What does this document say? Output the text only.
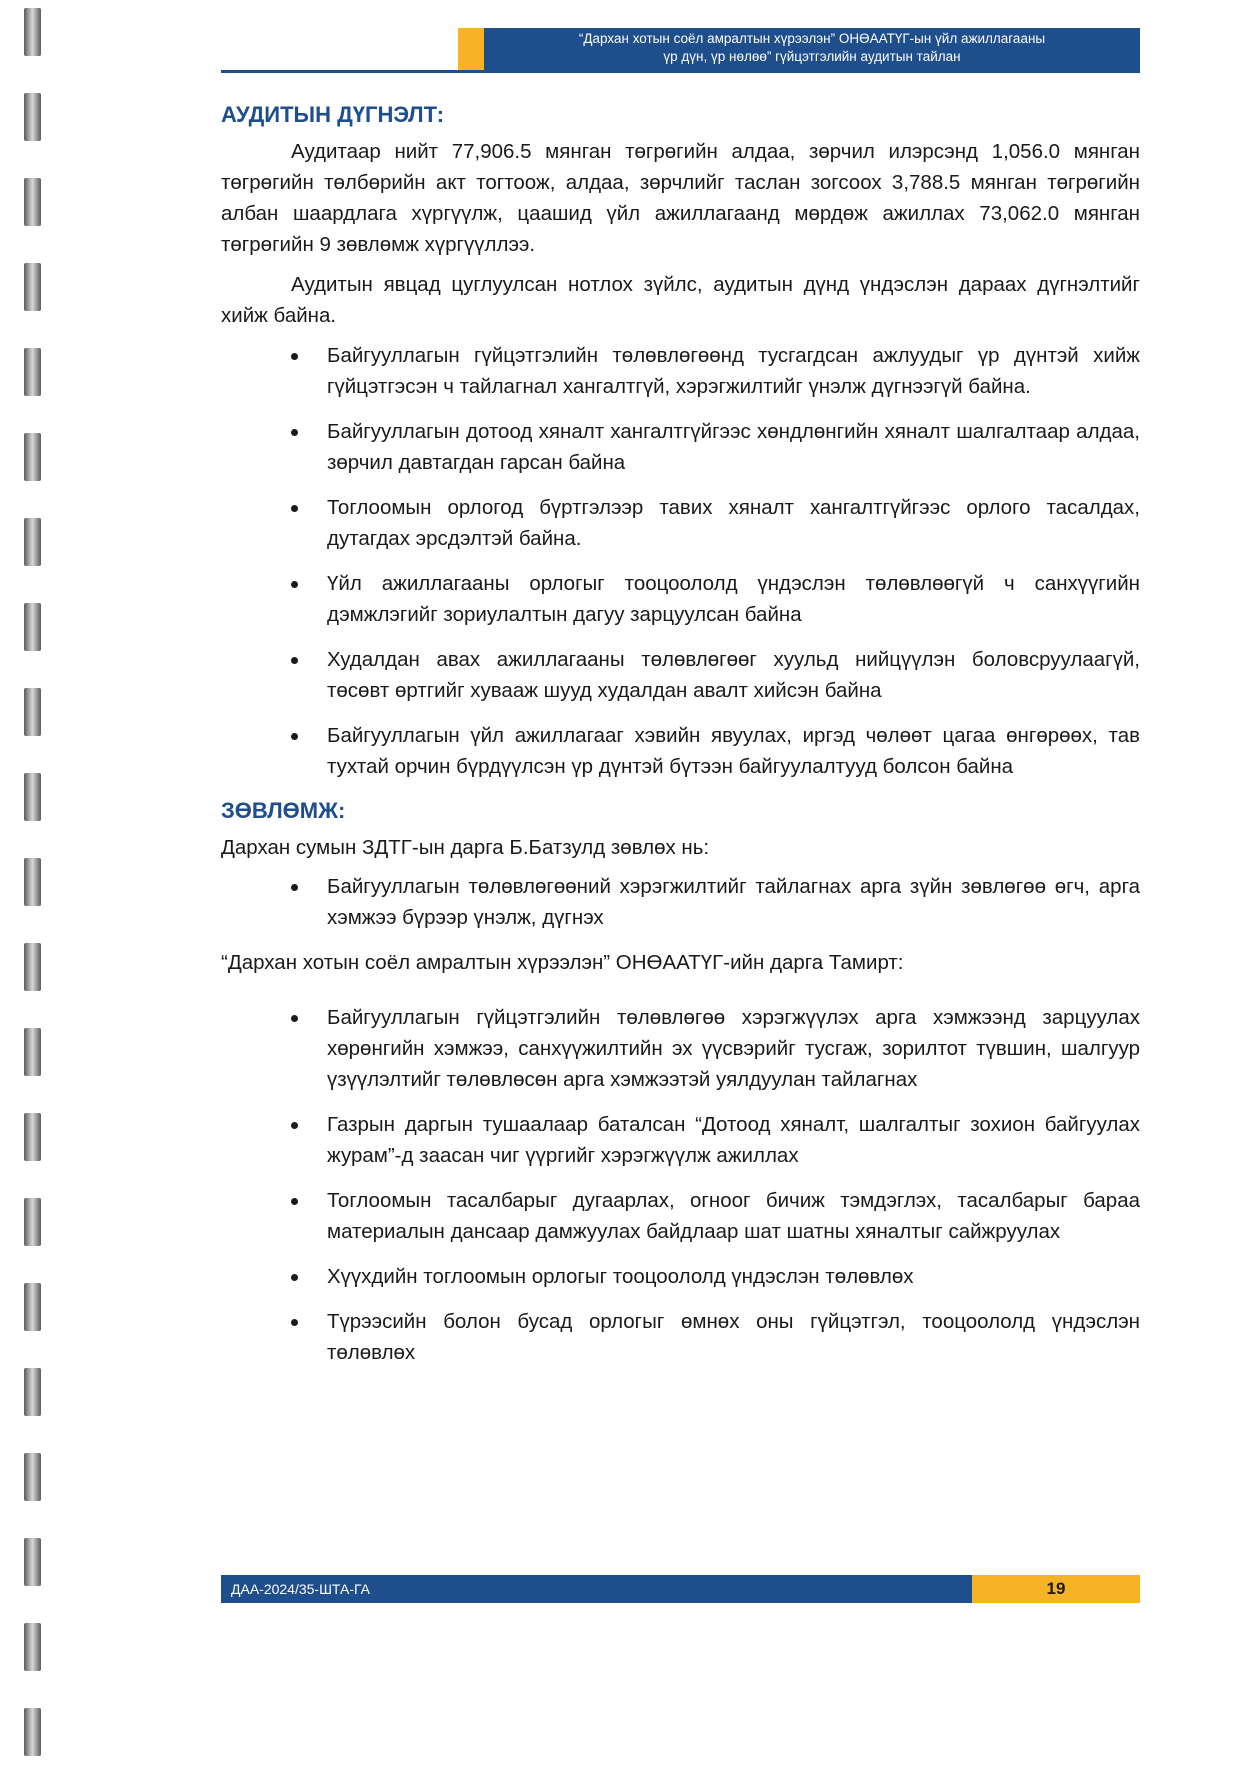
“Дархан хотын соёл амралтын хүрээлэн” ОНӨААТҮГ-ын үйл ажиллагааны
үр дүн, үр нөлөө” гүйцэтгэлийн аудитын тайлан
АУДИТЫН ДҮГНЭЛТ:

Аудитаар нийт 77,906.5 мянган төгрөгийн алдаа, зөрчил илэрсэнд 1,056.0 мянган төгрөгийн төлбөрийн акт тогтоож, алдаа, зөрчлийг таслан зогсоох 3,788.5 мянган төгрөгийн албан шаардлага хүргүүлж, цаашид үйл ажиллагаанд мөрдөж ажиллах 73,062.0 мянган төгрөгийн 9 зөвлөмж хүргүүллээ.

Аудитын явцад цуглуулсан нотлох зүйлс, аудитын дүнд үндэслэн дараах дүгнэлтийг хийж байна.

Байгууллагын гүйцэтгэлийн төлөвлөгөөнд тусгагдсан ажлуудыг үр дүнтэй хийж гүйцэтгэсэн ч тайлагнал хангалтгүй, хэрэгжилтийг үнэлж дүгнээгүй байна.
Байгууллагын дотоод хяналт хангалтгүйгээс хөндлөнгийн хяналт шалгалтаар алдаа, зөрчил давтагдан гарсан байна
Тоглоомын орлогод бүртгэлээр тавих хяналт хангалтгүйгээс орлого тасалдах, дутагдах эрсдэлтэй байна.
Үйл ажиллагааны орлогыг тооцоололд үндэслэн төлөвлөөгүй ч санхүүгийн дэмжлэгийг зориулалтын дагуу зарцуулсан байна
Худалдан авах ажиллагааны төлөвлөгөөг хуульд нийцүүлэн боловсруулаагүй, төсөвт өртгийг хувааж шууд худалдан авалт хийсэн байна
Байгууллагын үйл ажиллагааг хэвийн явуулах, иргэд чөлөөт цагаа өнгөрөөх, тав тухтай орчин бүрдүүлсэн үр дүнтэй бүтээн байгуулалтууд болсон байна
ЗӨВЛӨМЖ:

Дархан сумын ЗДТГ-ын дарга Б.Батзулд зөвлөх нь:

Байгууллагын төлөвлөгөөний хэрэгжилтийг тайлагнах арга зүйн зөвлөгөө өгч, арга хэмжээ бүрээр үнэлж, дүгнэх

“Дархан хотын соёл амралтын хүрээлэн” ОНӨААТҮГ-ийн дарга Тамирт:

Байгууллагын гүйцэтгэлийн төлөвлөгөө хэрэгжүүлэх арга хэмжээнд зарцуулах хөрөнгийн хэмжээ, санхүүжилтийн эх үүсвэрийг тусгаж, зорилтот түвшин, шалгуур үзүүлэлтийг төлөвлөсөн арга хэмжээтэй уялдуулан тайлагнах
Газрын даргын тушаалаар баталсан “Дотоод хяналт, шалгалтыг зохион байгуулах журам”-д заасан чиг үүргийг хэрэгжүүлж ажиллах
Тоглоомын тасалбарыг дугаарлах, огноог бичиж тэмдэглэх, тасалбарыг бараа материалын дансаар дамжуулах байдлаар шат шатны хяналтыг сайжруулах
Хүүхдийн тоглоомын орлогыг тооцоололд үндэслэн төлөвлөх
Түрээсийн болон бусад орлогыг өмнөх оны гүйцэтгэл, тооцоололд үндэслэн төлөвлөх
ДАА-2024/35-ШТА-ГА	19
